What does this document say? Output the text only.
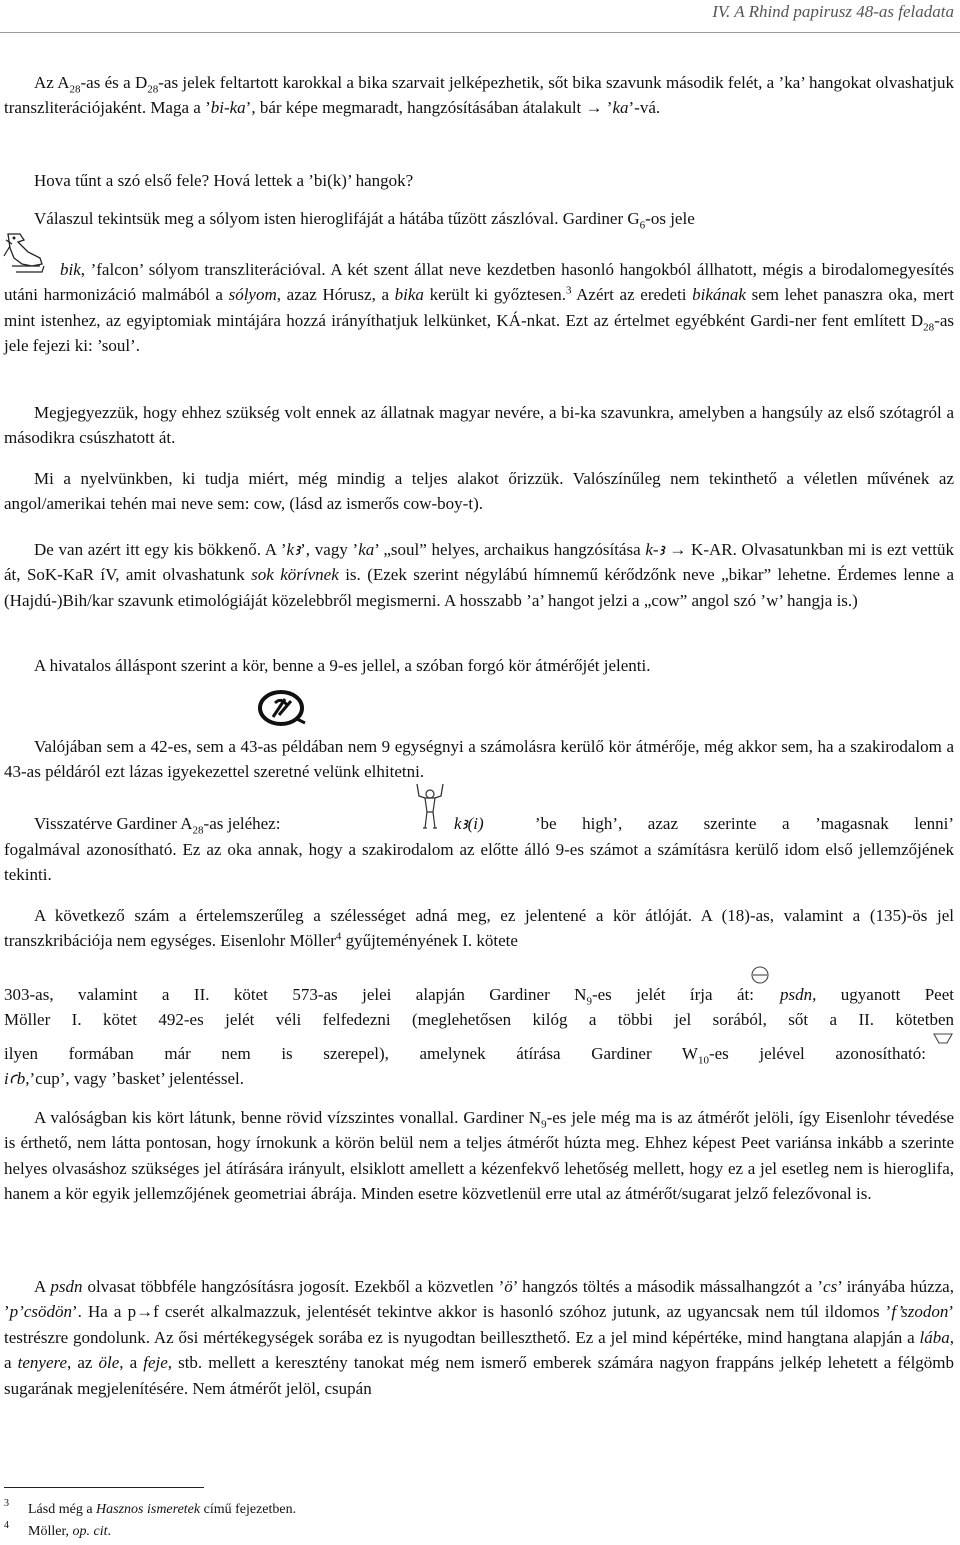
IV. A Rhind papirusz 48-as feladata

Az $A_{28}-as$ és a $D_{28}-as$ jelek feltartott karokkal a bika szarvait jelképezhetik, sőt bika szavunk második felét, a ’ka’ hangokat olvashatjuk transzliterációjaként. Maga a ’bi-ka’, bár képe megmaradt, hangzósításában átalakult → ’ka’-vá.

Hova tűnt a szó első fele? Hová lettek a ’bi(k)’ hangok?

Válaszul tekintsük meg a sólyom isten hieroglifáját a hátába tűzött zászlóval. Gardiner $G_6-os$ jele

bik, ’falcon’ sólyom transzliterációval. A két szent állat neve kezdetben hasonló hangokból állhatott, mégis a birodalomegyesítés utáni harmonizáció malmából a sólyom, azaz Hórusz, a bika került ki győztesen.$^3$ Azért az eredeti bikának sem lehet panaszra oka, mert mint istenhez, az egyiptomiak mintájára hozzá irányíthatjuk lelkünket, KÁ-nkat. Ezt az értelmet egyébként Gardi-ner fent említett $D_{28}-as$ jele fejezi ki: ’soul’.

Megjegyezzük, hogy ehhez szükség volt ennek az állatnak magyar nevére, a bi-ka szavunkra, amelyben a hangsúly az első szótagról a másodikra csúszhatott át.

Mi a nyelvünkben, ki tudja miért, még mindig a teljes alakot őrizzük. Valószínűleg nem tekinthető a véletlen művének az angol/amerikai tehén mai neve sem: cow, (lásd az ismerős cow-boy-t).

De van azért itt egy kis bökkenő. A ’kꜣ’, vagy ’ka’ „soul” helyes, archaikus hangzósítása k-ꜣ → K-AR. Olvasatunkban mi is ezt vettük át, SoK-KaR íV, amit olvashatunk sok körívnek is. (Ezek szerint négylábú hímnemű kérődzőnk neve „bikar” lehetne. Érdemes lenne a (Hajdú-)Bih/kar szavunk etimológiáját közelebbről megismerni. A hosszabb ’a’ hangot jelzi a „cow” angol szó ’w’ hangja is.)

A hivatalos álláspont szerint a kör, benne a 9-es jellel, a szóban forgó kör átmérőjét jelenti.

Valójában sem a 42-es, sem a 43-as példában nem 9 egységnyi a számolásra kerülő kör átmérője, még akkor sem, ha a szakirodalom a 43-as példáról ezt lázas igyekezettel szeretné velünk elhitetni.

Visszatérve Gardiner $A_{28}-as$ jeléhez:	kꜣ(i)	’be high’, azaz szerinte a ’magasnak lenni’

fogalmával azonosítható. Ez az oka annak, hogy a szakirodalom az előtte álló 9-es számot a számításra kerülő idom első jellemzőjének tekinti.

A következő szám a értelemszerűleg a szélességet adná meg, ez jelentené a kör átlóját. A (18)-as, valamint a (135)-ös jel transzkribációja nem egységes. Eisenlohr Möller$^4$ gyűjteményének I. kötete

303-as, valamint a II. kötet 573-as jelei alapján Gardiner $N_9-es$ jelét írja át: psdn, ugyanott Peet
Möller I. kötet 492-es jelét véli felfedezni (meglehetősen kilóg a többi jel sorából, sőt a II. kötetben
ilyen formában már nem is szerepel), amelynek átírása Gardiner $W_{10}-es$ jelével azonosítható:
iꜥb,’cup’, vagy ’basket’ jelentéssel.

A valóságban kis kört látunk, benne rövid vízszintes vonallal. Gardiner $N_9-es$ jele még ma is az átmérőt jelöli, így Eisenlohr tévedése is érthető, nem látta pontosan, hogy írnokunk a körön belül nem a teljes átmérőt húzta meg. Ehhez képest Peet variánsa inkább a szerinte helyes olvasáshoz szükséges jel átírására irányult, elsiklott amellett a kézenfekvő lehetőség mellett, hogy ez a jel esetleg nem is hieroglifa, hanem a kör egyik jellemzőjének geometriai ábrája. Minden esetre közvetlenül erre utal az átmérőt/sugarat jelző felezővonal is.

A psdn olvasat többféle hangzósításra jogosít. Ezekből a közvetlen ’ö’ hangzós töltés a második mássalhangzót a ’cs’ irányába húzza, ’p’csödön’. Ha a p→f cserét alkalmazzuk, jelentését tekintve akkor is hasonló szóhoz jutunk, az ugyancsak nem túl ildomos ’f’szodon’ testrészre gondolunk. Az ősi mértékegységek sorába ez is nyugodtan beilleszthető. Ez a jel mind képértéke, mind hangtana alapján a lába, a tenyere, az öle, a feje, stb. mellett a keresztény tanokat még nem ismerő emberek számára nagyon frappáns jelkép lehetett a félgömb sugarának megjelenítésére. Nem átmérőt jelöl, csupán

3 Lásd még a Hasznos ismeretek című fejezetben.
4 Möller, op. cit.
